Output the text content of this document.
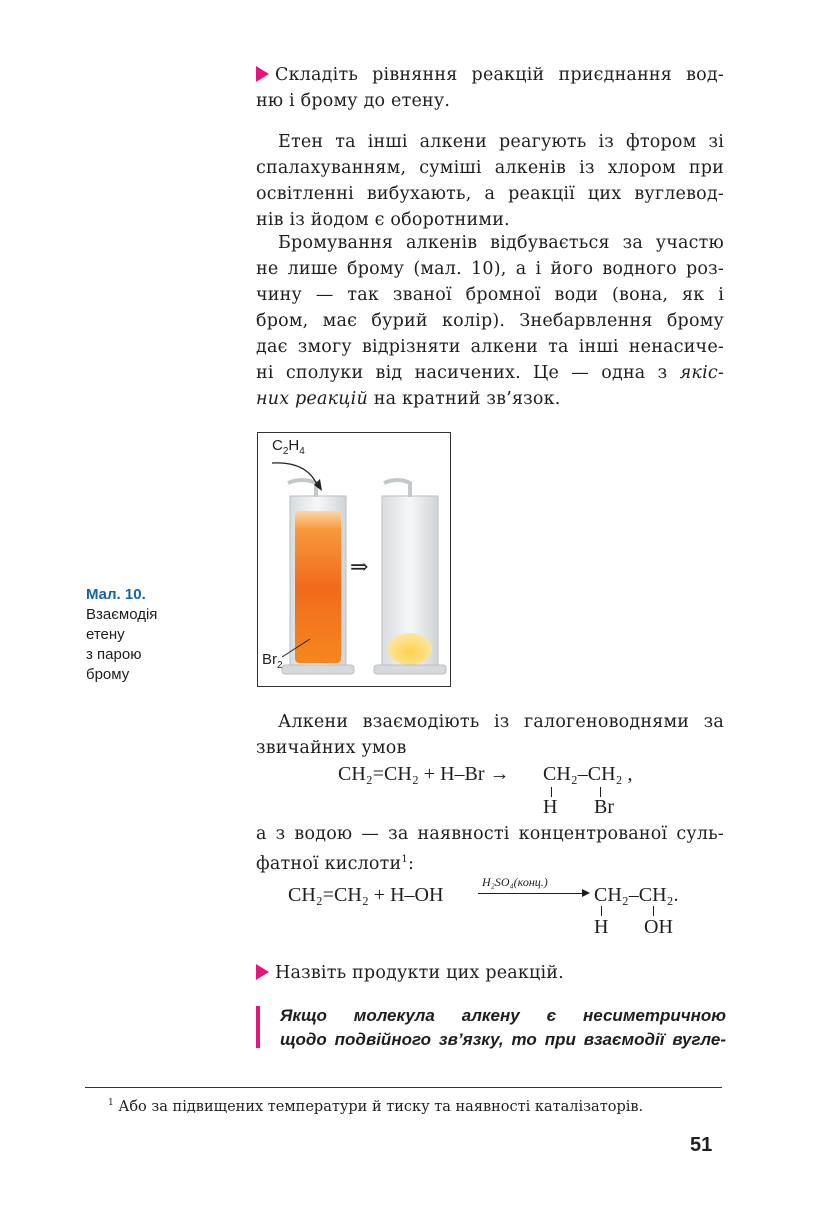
Складіть рівняння реакцій приєднання вод-
ню і брому до етену.
Етен та інші алкени реагують із фтором зі
спалахуванням, суміші алкенів із хлором при
освітленні вибухають, а реакції цих вуглевод-
нів із йодом є оборотними.
Бромування алкенів відбувається за участю
не лише брому (мал. 10), а і його водного роз-
чину — так званої бромної води (вона, як і
бром, має бурий колір). Знебарвлення брому
дає змогу відрізняти алкени та інші ненасиче-
ні сполуки від насичених. Це — одна з якіс-
них реакцій на кратний зв’язок.
Мал. 10.
Взаємодія
етену
з парою
брому
$C_2H_4$
$Br_2$
⇒
Алкени взаємодіють із галогеноводнями за
звичайних умов
CH₂=CH₂ + H–Br → CH₂–CH₂ ,
H Br
а з водою — за наявності концентрованої суль-
фатної кислоти$^1$:
CH₂=CH₂ + H–OH
H₂SO₄(конц.)
CH₂–CH₂.
H OH
Назвіть продукти цих реакцій.
Якщо молекула алкену є несиметричною
щодо подвійного зв’язку, то при взаємодії вугле-
$^1$ Або за підвищених температури й тиску та наявності каталізаторів.
51
